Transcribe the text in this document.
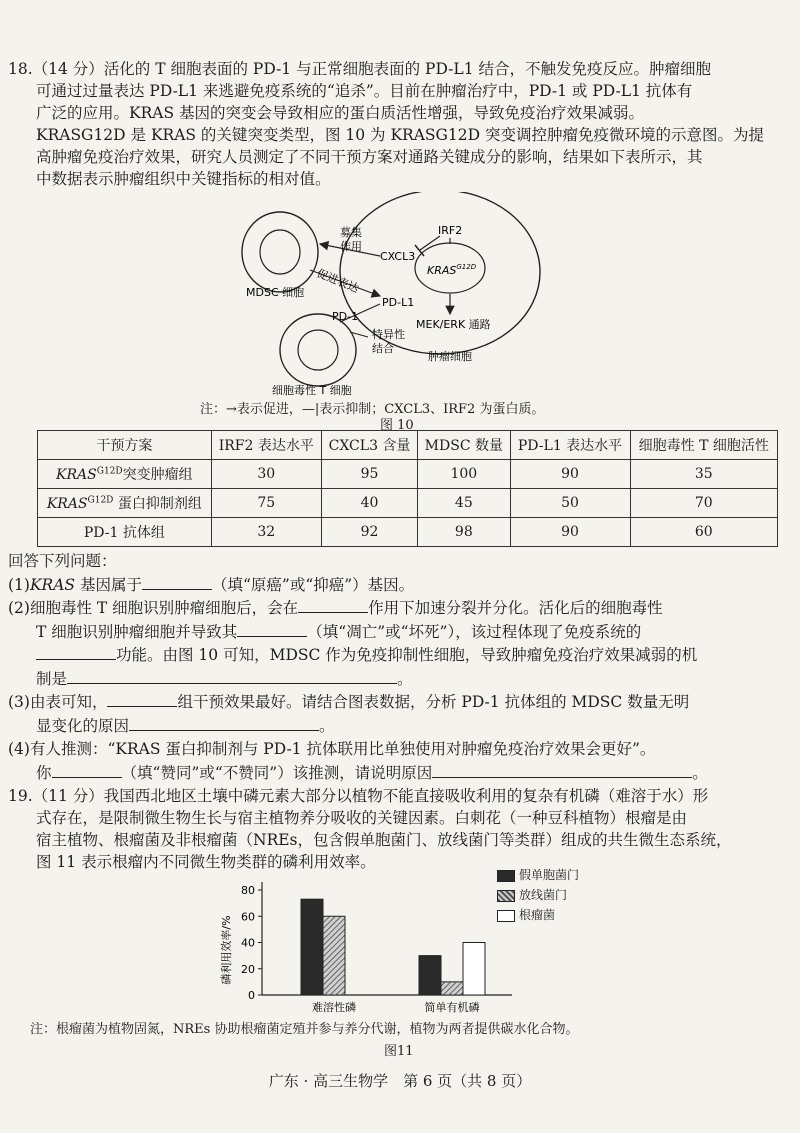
18.（14 分）活化的 T 细胞表面的 PD-1 与正常细胞表面的 PD-L1 结合，不触发免疫反应。肿瘤细胞

可通过过量表达 PD-L1 来逃避免疫系统的“追杀”。目前在肿瘤治疗中，PD-1 或 PD-L1 抗体有

广泛的应用。KRAS 基因的突变会导致相应的蛋白质活性增强，导致免疫治疗效果减弱。

KRASG12D 是 KRAS 的关键突变类型，图 10 为 KRASG12D 突变调控肿瘤免疫微环境的示意图。为提

高肿瘤免疫治疗效果，研究人员测定了不同干预方案对通路关键成分的影响，结果如下表所示，其

中数据表示肿瘤组织中关键指标的相对值。

募集
作用
IRF2
CXCL3
$KRAS^{G12D}$
促进表达
MDSC 细胞
PD-1
PD-L1
特异性
结合
MEK/ERK 通路
肿瘤细胞
细胞毒性 T 细胞
注：→表示促进，—|表示抑制；CXCL3、IRF2 为蛋白质。
图 10
干预方案	IRF2 表达水平	CXCL3 含量	MDSC 数量	PD-L1 表达水平	细胞毒性 T 细胞活性
$KRAS^{G12D}$突变肿瘤组	30	95	100	90	35
$KRAS^{G12D}$ 蛋白抑制剂组	75	40	45	50	70
PD-1 抗体组	32	92	98	90	60

回答下列问题：

(1)KRAS 基因属于	（填“原癌”或“抑癌”）基因。

(2)细胞毒性 T 细胞识别肿瘤细胞后，会在	作用下加速分裂并分化。活化后的细胞毒性

T 细胞识别肿瘤细胞并导致其	（填“凋亡”或“坏死”），该过程体现了免疫系统的

功能。由图 10 可知，MDSC 作为免疫抑制性细胞，导致肿瘤免疫治疗效果减弱的机

制是	。

(3)由表可知，	组干预效果最好。请结合图表数据，分析 PD-1 抗体组的 MDSC 数量无明

显变化的原因	。

(4)有人推测：“KRAS 蛋白抑制剂与 PD-1 抗体联用比单独使用对肿瘤免疫治疗效果会更好”。

你	（填“赞同”或“不赞同”）该推测，请说明原因	。

19.（11 分）我国西北地区土壤中磷元素大部分以植物不能直接吸收利用的复杂有机磷（难溶于水）形

式存在，是限制微生物生长与宿主植物养分吸收的关键因素。白刺花（一种豆科植物）根瘤是由

宿主植物、根瘤菌及非根瘤菌（NREs，包含假单胞菌门、放线菌门等类群）组成的共生微生态系统，

图 11 表示根瘤内不同微生物类群的磷利用效率。

磷利用效率/%
0
20
40
60
80
难溶性磷	简单有机磷
假单胞菌门
放线菌门
根瘤菌
注：根瘤菌为植物固氮，NREs 协助根瘤菌定殖并参与养分代谢，植物为两者提供碳水化合物。
图11
广东 · 高三生物学　第 6 页（共 8 页）
